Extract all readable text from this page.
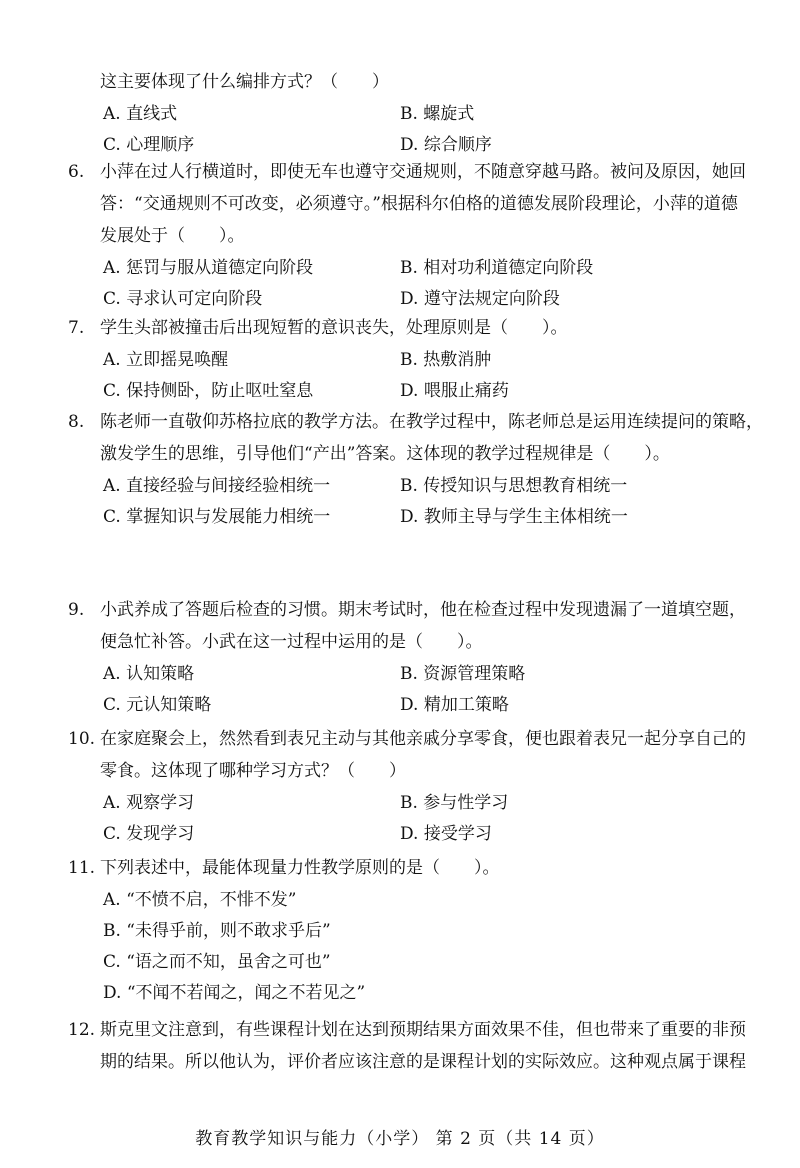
这主要体现了什么编排方式？（　　）
A. 直线式	B. 螺旋式
C. 心理顺序	D. 综合顺序
6. 小萍在过人行横道时，即使无车也遵守交通规则，不随意穿越马路。被问及原因，她回
答：“交通规则不可改变，必须遵守。”根据科尔伯格的道德发展阶段理论，小萍的道德
发展处于（　　）。
A. 惩罚与服从道德定向阶段	B. 相对功利道德定向阶段
C. 寻求认可定向阶段	D. 遵守法规定向阶段
7. 学生头部被撞击后出现短暂的意识丧失，处理原则是（　　）。
A. 立即摇晃唤醒	B. 热敷消肿
C. 保持侧卧，防止呕吐窒息	D. 喂服止痛药
8. 陈老师一直敬仰苏格拉底的教学方法。在教学过程中，陈老师总是运用连续提问的策略，
激发学生的思维，引导他们“产出”答案。这体现的教学过程规律是（　　）。
A. 直接经验与间接经验相统一	B. 传授知识与思想教育相统一
C. 掌握知识与发展能力相统一	D. 教师主导与学生主体相统一
9. 小武养成了答题后检查的习惯。期末考试时，他在检查过程中发现遗漏了一道填空题，
便急忙补答。小武在这一过程中运用的是（　　）。
A. 认知策略	B. 资源管理策略
C. 元认知策略	D. 精加工策略
10. 在家庭聚会上，然然看到表兄主动与其他亲戚分享零食，便也跟着表兄一起分享自己的
零食。这体现了哪种学习方式？（　　）
A. 观察学习	B. 参与性学习
C. 发现学习	D. 接受学习
11. 下列表述中，最能体现量力性教学原则的是（　　）。
A. “不愤不启，不悱不发”
B. “未得乎前，则不敢求乎后”
C. “语之而不知，虽舍之可也”
D. “不闻不若闻之，闻之不若见之”
12. 斯克里文注意到，有些课程计划在达到预期结果方面效果不佳，但也带来了重要的非预
期的结果。所以他认为，评价者应该注意的是课程计划的实际效应。这种观点属于课程
教育教学知识与能力（小学） 第 2 页（共 14 页）
